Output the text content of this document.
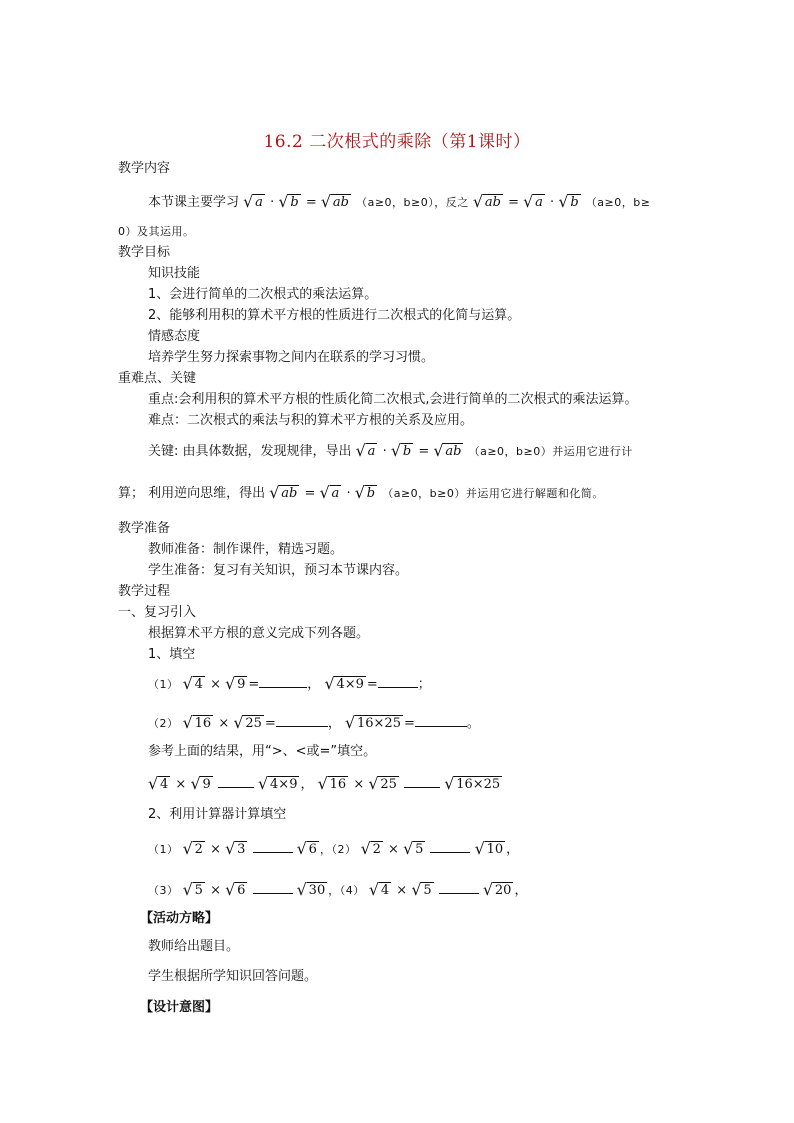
16.2 二次根式的乘除（第1课时）
教学内容
本节课主要学习 √ a · √ b = √ ab （a≥0，b≥0），反之 √ ab = √ a · √ b （a≥0，b≥
0）及其运用。
教学目标
知识技能
1、会进行简单的二次根式的乘法运算。
2、能够利用积的算术平方根的性质进行二次根式的化简与运算。
情感态度
培养学生努力探索事物之间内在联系的学习习惯。
重难点、关键
重点:会利用积的算术平方根的性质化简二次根式,会进行简单的二次根式的乘法运算。
难点：二次根式的乘法与积的算术平方根的关系及应用。
关键: 由具体数据，发现规律，导出 √ a · √ b = √ ab （a≥0，b≥0）并运用它进行计
算； 利用逆向思维，得出 √ ab = √ a · √ b （a≥0，b≥0）并运用它进行解题和化简。
教学准备
教师准备：制作课件，精选习题。
学生准备：复习有关知识，预习本节课内容。
教学过程
一、复习引入
根据算术平方根的意义完成下列各题。
1、填空
（1） √ 4 × √ 9 =	， √ 4×9 =	；
（2） √ 16 × √ 25 =	， √ 16×25 =	。
参考上面的结果，用“>、<或=”填空。
√ 4 × √ 9	√ 4×9 ， √ 16 × √ 25	√ 16×25
2、利用计算器计算填空
（1） √ 2 × √ 3	√ 6 ，（2） √ 2 × √ 5	√ 10 ，
（3） √ 5 × √ 6	√ 30 ，（4） √ 4 × √ 5	√ 20 ，
【活动方略】
教师给出题目。
学生根据所学知识回答问题。
【设计意图】
